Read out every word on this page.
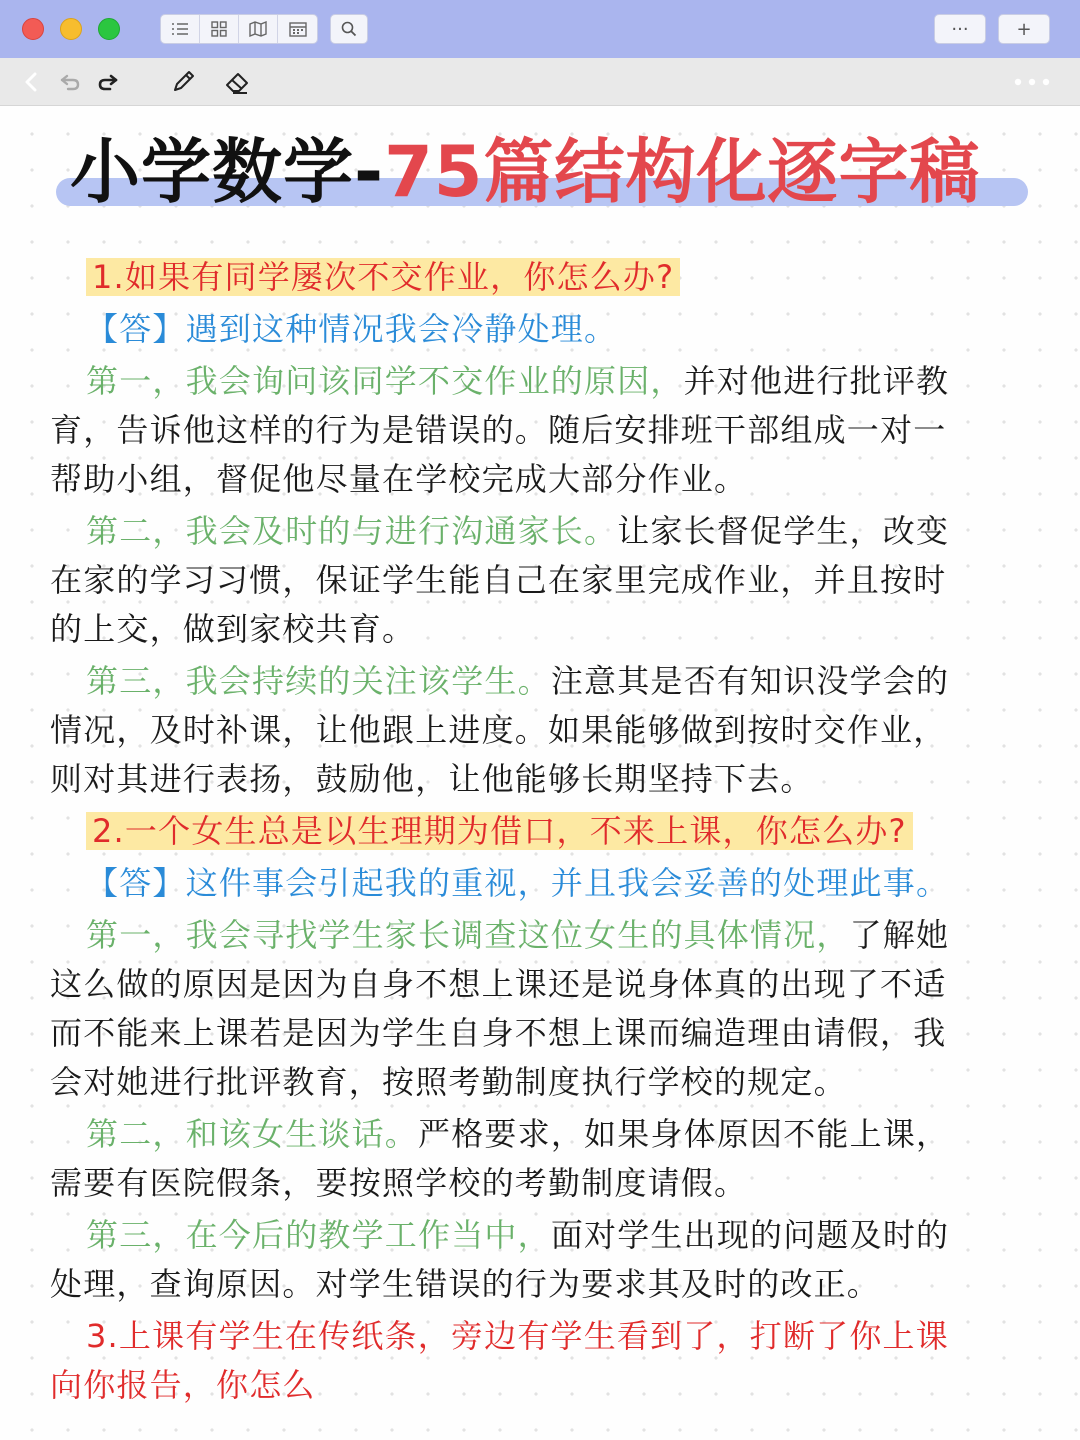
···	+
小学数学-75篇结构化逐字稿
1.如果有同学屡次不交作业，你怎么办?
【答】遇到这种情况我会冷静处理。
第一，我会询问该同学不交作业的原因，并对他进行批评教
育，告诉他这样的行为是错误的。随后安排班干部组成一对一
帮助小组，督促他尽量在学校完成大部分作业。
第二，我会及时的与进行沟通家长。让家长督促学生，改变
在家的学习习惯，保证学生能自己在家里完成作业，并且按时
的上交，做到家校共育。
第三，我会持续的关注该学生。注意其是否有知识没学会的
情况，及时补课，让他跟上进度。如果能够做到按时交作业，
则对其进行表扬，鼓励他，让他能够长期坚持下去。
2.一个女生总是以生理期为借口，不来上课，你怎么办?
【答】这件事会引起我的重视，并且我会妥善的处理此事。
第一，我会寻找学生家长调查这位女生的具体情况，了解她
这么做的原因是因为自身不想上课还是说身体真的出现了不适
而不能来上课若是因为学生自身不想上课而编造理由请假，我
会对她进行批评教育，按照考勤制度执行学校的规定。
第二，和该女生谈话。严格要求，如果身体原因不能上课，
需要有医院假条，要按照学校的考勤制度请假。
第三，在今后的教学工作当中，面对学生出现的问题及时的
处理，查询原因。对学生错误的行为要求其及时的改正。
3.上课有学生在传纸条，旁边有学生看到了，打断了你上课
向你报告，你怎么
